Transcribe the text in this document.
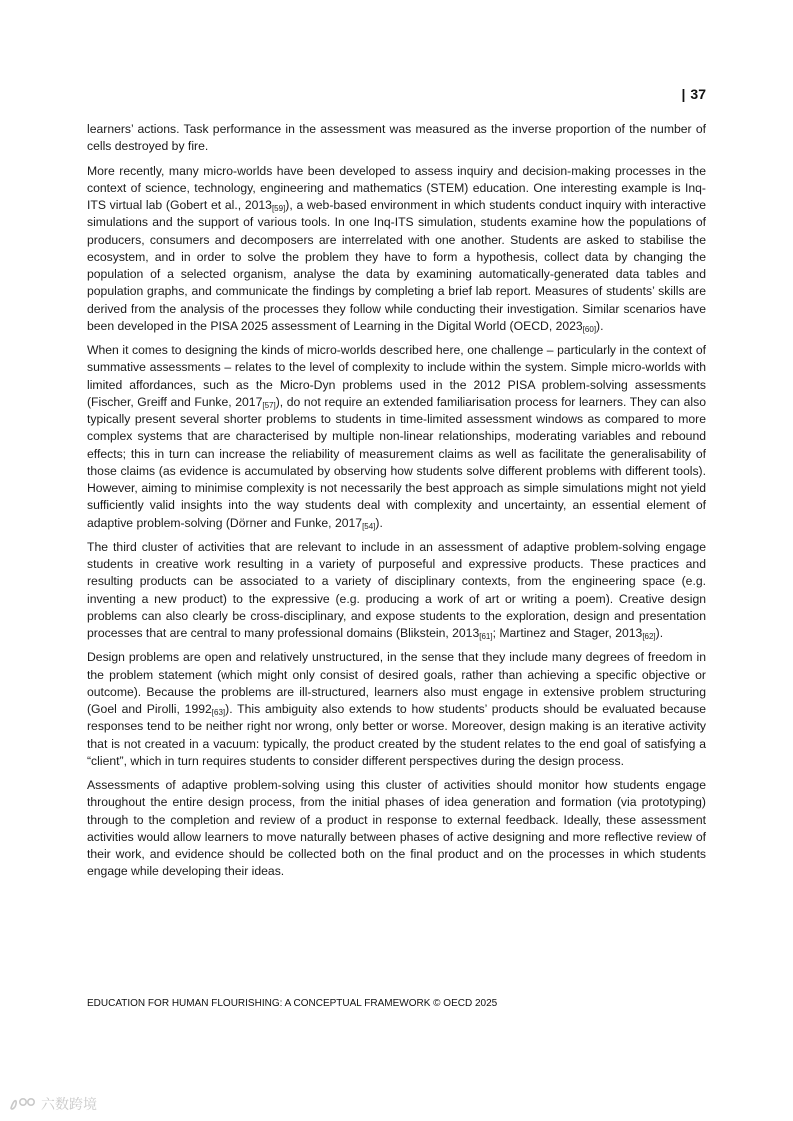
| 37

learners’ actions. Task performance in the assessment was measured as the inverse proportion of the number of cells destroyed by fire.

More recently, many micro-worlds have been developed to assess inquiry and decision-making processes in the context of science, technology, engineering and mathematics (STEM) education. One interesting example is Inq-ITS virtual lab (Gobert et al., 2013[59]), a web-based environment in which students conduct inquiry with interactive simulations and the support of various tools. In one Inq-ITS simulation, students examine how the populations of producers, consumers and decomposers are interrelated with one another. Students are asked to stabilise the ecosystem, and in order to solve the problem they have to form a hypothesis, collect data by changing the population of a selected organism, analyse the data by examining automatically-generated data tables and population graphs, and communicate the findings by completing a brief lab report. Measures of students’ skills are derived from the analysis of the processes they follow while conducting their investigation. Similar scenarios have been developed in the PISA 2025 assessment of Learning in the Digital World (OECD, 2023[60]).

When it comes to designing the kinds of micro-worlds described here, one challenge – particularly in the context of summative assessments – relates to the level of complexity to include within the system. Simple micro-worlds with limited affordances, such as the Micro-Dyn problems used in the 2012 PISA problem-solving assessments (Fischer, Greiff and Funke, 2017[57]), do not require an extended familiarisation process for learners. They can also typically present several shorter problems to students in time-limited assessment windows as compared to more complex systems that are characterised by multiple non-linear relationships, moderating variables and rebound effects; this in turn can increase the reliability of measurement claims as well as facilitate the generalisability of those claims (as evidence is accumulated by observing how students solve different problems with different tools). However, aiming to minimise complexity is not necessarily the best approach as simple simulations might not yield sufficiently valid insights into the way students deal with complexity and uncertainty, an essential element of adaptive problem-solving (Dörner and Funke, 2017[54]).

The third cluster of activities that are relevant to include in an assessment of adaptive problem-solving engage students in creative work resulting in a variety of purposeful and expressive products. These practices and resulting products can be associated to a variety of disciplinary contexts, from the engineering space (e.g. inventing a new product) to the expressive (e.g. producing a work of art or writing a poem). Creative design problems can also clearly be cross-disciplinary, and expose students to the exploration, design and presentation processes that are central to many professional domains (Blikstein, 2013[61]; Martinez and Stager, 2013[62]).

Design problems are open and relatively unstructured, in the sense that they include many degrees of freedom in the problem statement (which might only consist of desired goals, rather than achieving a specific objective or outcome). Because the problems are ill-structured, learners also must engage in extensive problem structuring (Goel and Pirolli, 1992[63]). This ambiguity also extends to how students’ products should be evaluated because responses tend to be neither right nor wrong, only better or worse. Moreover, design making is an iterative activity that is not created in a vacuum: typically, the product created by the student relates to the end goal of satisfying a “client”, which in turn requires students to consider different perspectives during the design process.

Assessments of adaptive problem-solving using this cluster of activities should monitor how students engage throughout the entire design process, from the initial phases of idea generation and formation (via prototyping) through to the completion and review of a product in response to external feedback. Ideally, these assessment activities would allow learners to move naturally between phases of active designing and more reflective review of their work, and evidence should be collected both on the final product and on the processes in which students engage while developing their ideas.

EDUCATION FOR HUMAN FLOURISHING: A CONCEPTUAL FRAMEWORK © OECD 2025
六数跨境
